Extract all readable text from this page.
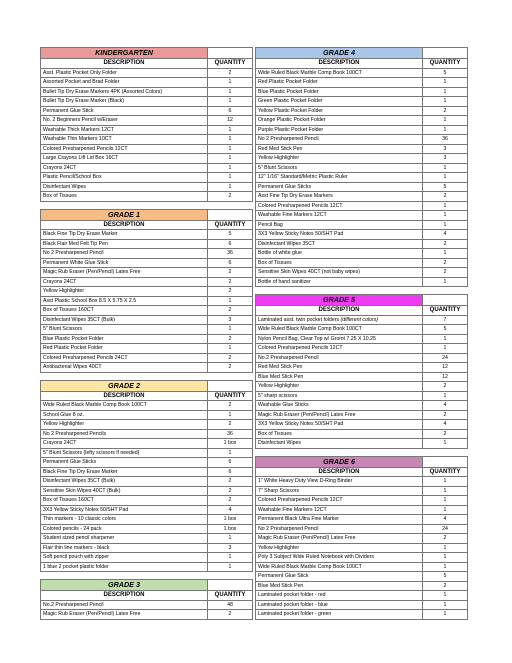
KINDERGARTEN	
DESCRIPTION	QUANTITY
Asst. Plastic Pocket Only Folder	2
Assorted Pocket and Brad Folder	1
Bullet Tip Dry Erase Markers 4PK (Assorted Colors)	1
Bullet Tip Dry Erase Marker (Black)	1
Permanent Glue Stick	6
No. 2 Beginners Pencil w/Eraser	12
Washable Thick Markers 12CT	1
Washable Thin Markers 10CT	1
Colored Presharpened Pencils 12CT	1
Large Crayons Lift Lid Box 16CT	1
Crayons 24CT	1
Plastic Pencil/School Box	1
Disinfectant Wipes	1
Box of Tissues	2
GRADE 1	
DESCRIPTION	QUANTITY
Black Fine Tip Dry Erase Marker	5
Black Flair Med Felt Tip Pen	6
No 2 Presharpened Pencil	36
Permanent White Glue Stick	6
Magic Rub Eraser (Pen/Pencil) Latex Free	2
Crayons 24CT	2
Yellow Highlighter	2
Asst Plastic School Box 8.5 X 5.75 X 2.5	1
Box of Tissues 160CT	2
Disinfectant Wipes 35CT (Bulk)	3
5" Blunt Scissors	1
Blue Plastic Pocket Folder	2
Red Plastic Pocket Folder	1
Colored Presharpened Pencils 24CT	2
Antibacterial Wipes 40CT	2
GRADE 2	
DESCRIPTION	QUANTITY
Wide Ruled Black Marble Comp Book 100CT	2
School Glue 8 oz.	1
Yellow Highlighter	2
No 2 Presharpened Pencils	36
Crayons 24CT	1 box
5" Blunt Scissors (lefty scissors if needed)	1
Permanent Glue Sticks	6
Black Fine Tip Dry Erase Marker	6
Disinfectant Wipes 35CT (Bulk)	2
Sensitive Skin Wipes 40CT (Bulk)	2
Box of Tissues 160CT	2
3X3 Yellow Sticky Notes 50/SHT Pad	4
Thin markers - 10 classic colors	1 box
Colored pencils - 24 pack	1 box
Student sized pencil sharpener	1
Flair thin line markers - black	3
Soft pencil pouch with zipper	1
1 blue 2 pocket plastic folder	1
GRADE 3	
DESCRIPTION	QUANTITY
No.2 Presharpened Pencil	48
Magic Rub Eraser (Pen/Pencil) Latex Free	2
GRADE 4	
DESCRIPTION	QUANTITY
Wide Ruled Black Marble Comp Book 100CT	5
Red Plastic Pocket Folder	1
Blue Plastic Pocket Folder	1
Green Plastic Pocket Folder	1
Yellow Plastic Pocket Folder	2
Orange Plastic Pocket Folder	1
Purple Plastic Pocket Folder	1
No 2 Presharpened Pencil	36
Red Med Stick Pen	3
Yellow Highlighter	3
5" Blunt Scissors	1
12" 1/16" Standard/Metric Plastic Ruler	1
Permanent Glue Sticks	5
Asst Fine Tip Dry Erase Markers	2
Colored Presharpened Pencils 12CT	1
Washable Fine Markers 12CT	1
Pencil Bag	1
3X3 Yellow Sticky Notes 50/SHT Pad	4
Disinfectant Wipes 35CT	2
Bottle of white glue	1
Box of Tissues	2
Sensitive Skin Wipes 40CT (not baby wipes)	2
Bottle of hand sanitizer	1
GRADE 5	
DESCRIPTION	QUANTITY
Laminated asst. twin pocket folders (different colors)	7
Wide Ruled Black Marble Comp Book 100CT	5
Nylon Pencil Bag, Clear Top w/ Gromt 7.25 X 10.25	1
Colored Presharpened Pencils 12CT	1
No.2 Presharpened Pencil	24
Red Med Stick Pen	12
Blue Med Stick Pen	12
Yellow Highlighter	2
5" sharp scissors	1
Washable Glue Sticks	4
Magic Rub Eraser (Pen/Pencil) Latex Free	2
3X3 Yellow Sticky Notes 50/SHT Pad	4
Box of Tissues	2
Disinfectant Wipes	1
GRADE 6	
DESCRIPTION	QUANTITY
1" White Heavy Duty View D-Ring Binder	1
7" Sharp Scissors	1
Colored Presharpened Pencils 12CT	1
Washable Fine Markers 12CT	1
Permanent Black Ultra Fine Marker	4
No 2 Presharpened Pencil	24
Magic Rub Eraser (Pen/Pencil) Latex Free	2
Yellow Highlighter	1
Poly 3 Subject Wide Ruled Notebook with Dividers	1
Wide Ruled Black Marble Comp Book 100CT	1
Permanent Glue Stick	5
Blue Med Stick Pen	2
Laminated pocket folder - red	1
Laminated pocket folder - blue	1
Laminated pocket folder - green	1
